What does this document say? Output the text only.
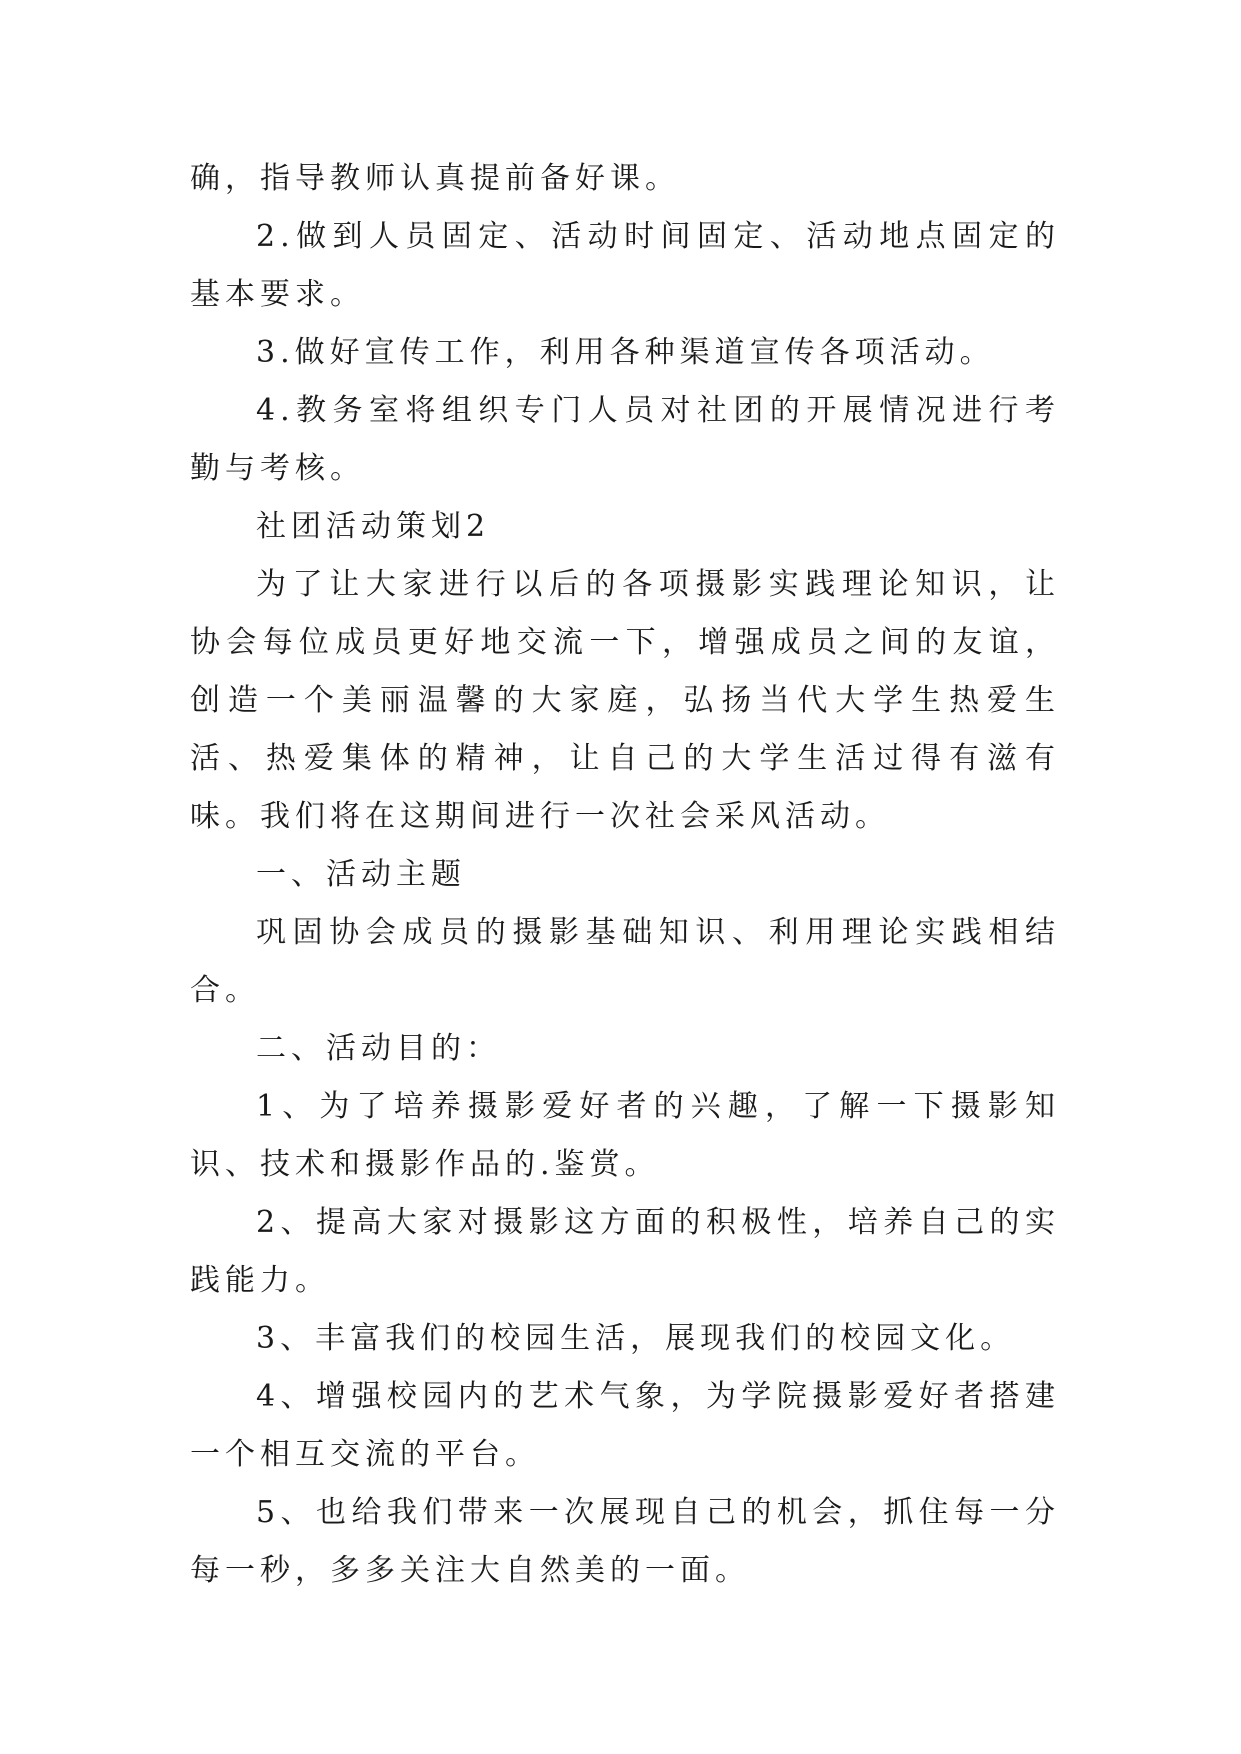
确，指导教师认真提前备好课。

2.做到人员固定、活动时间固定、活动地点固定的基本要求。

3.做好宣传工作，利用各种渠道宣传各项活动。

4.教务室将组织专门人员对社团的开展情况进行考勤与考核。

社团活动策划2

为了让大家进行以后的各项摄影实践理论知识，让协会每位成员更好地交流一下，增强成员之间的友谊，创造一个美丽温馨的大家庭，弘扬当代大学生热爱生活、热爱集体的精神，让自己的大学生活过得有滋有味。我们将在这期间进行一次社会采风活动。

一、活动主题

巩固协会成员的摄影基础知识、利用理论实践相结合。

二、活动目的：

1、为了培养摄影爱好者的兴趣，了解一下摄影知识、技术和摄影作品的.鉴赏。

2、提高大家对摄影这方面的积极性，培养自己的实践能力。

3、丰富我们的校园生活，展现我们的校园文化。

4、增强校园内的艺术气象，为学院摄影爱好者搭建一个相互交流的平台。

5、也给我们带来一次展现自己的机会，抓住每一分每一秒，多多关注大自然美的一面。
